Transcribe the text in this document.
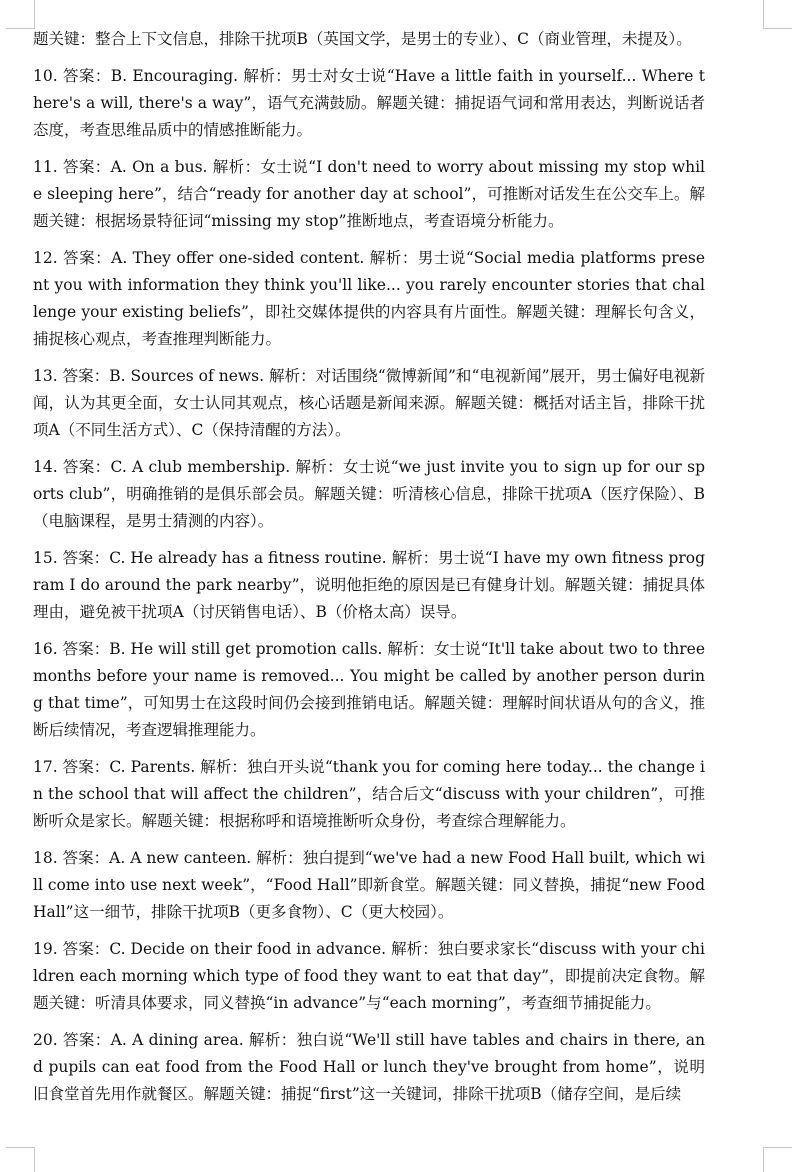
题关键：整合上下文信息，排除干扰项B（英国文学，是男士的专业）、C（商业管理，未提及）。

10. 答案：B. Encouraging. 解析：男士对女士说“Have a little faith in yourself... Where there's a will, there's a way”，语气充满鼓励。解题关键：捕捉语气词和常用表达，判断说话者态度，考查思维品质中的情感推断能力。

11. 答案：A. On a bus. 解析：女士说“I don't need to worry about missing my stop while sleeping here”，结合“ready for another day at school”，可推断对话发生在公交车上。解题关键：根据场景特征词“missing my stop”推断地点，考查语境分析能力。

12. 答案：A. They offer one-sided content. 解析：男士说“Social media platforms present you with information they think you'll like... you rarely encounter stories that challenge your existing beliefs”，即社交媒体提供的内容具有片面性。解题关键：理解长句含义，捕捉核心观点，考查推理判断能力。

13. 答案：B. Sources of news. 解析：对话围绕“微博新闻”和“电视新闻”展开，男士偏好电视新闻，认为其更全面，女士认同其观点，核心话题是新闻来源。解题关键：概括对话主旨，排除干扰项A（不同生活方式）、C（保持清醒的方法）。

14. 答案：C. A club membership. 解析：女士说“we just invite you to sign up for our sports club”，明确推销的是俱乐部会员。解题关键：听清核心信息，排除干扰项A（医疗保险）、B（电脑课程，是男士猜测的内容）。

15. 答案：C. He already has a fitness routine. 解析：男士说“I have my own fitness program I do around the park nearby”，说明他拒绝的原因是已有健身计划。解题关键：捕捉具体理由，避免被干扰项A（讨厌销售电话）、B（价格太高）误导。

16. 答案：B. He will still get promotion calls. 解析：女士说“It'll take about two to three months before your name is removed... You might be called by another person during that time”，可知男士在这段时间仍会接到推销电话。解题关键：理解时间状语从句的含义，推断后续情况，考查逻辑推理能力。

17. 答案：C. Parents. 解析：独白开头说“thank you for coming here today... the change in the school that will affect the children”，结合后文“discuss with your children”，可推断听众是家长。解题关键：根据称呼和语境推断听众身份，考查综合理解能力。

18. 答案：A. A new canteen. 解析：独白提到“we've had a new Food Hall built, which will come into use next week”，“Food Hall”即新食堂。解题关键：同义替换，捕捉“new Food Hall”这一细节，排除干扰项B（更多食物）、C（更大校园）。

19. 答案：C. Decide on their food in advance. 解析：独白要求家长“discuss with your children each morning which type of food they want to eat that day”，即提前决定食物。解题关键：听清具体要求，同义替换“in advance”与“each morning”，考查细节捕捉能力。

20. 答案：A. A dining area. 解析：独白说“We'll still have tables and chairs in there, and pupils can eat food from the Food Hall or lunch they've brought from home”，说明旧食堂首先用作就餐区。解题关键：捕捉“first”这一关键词，排除干扰项B（储存空间，是后续
